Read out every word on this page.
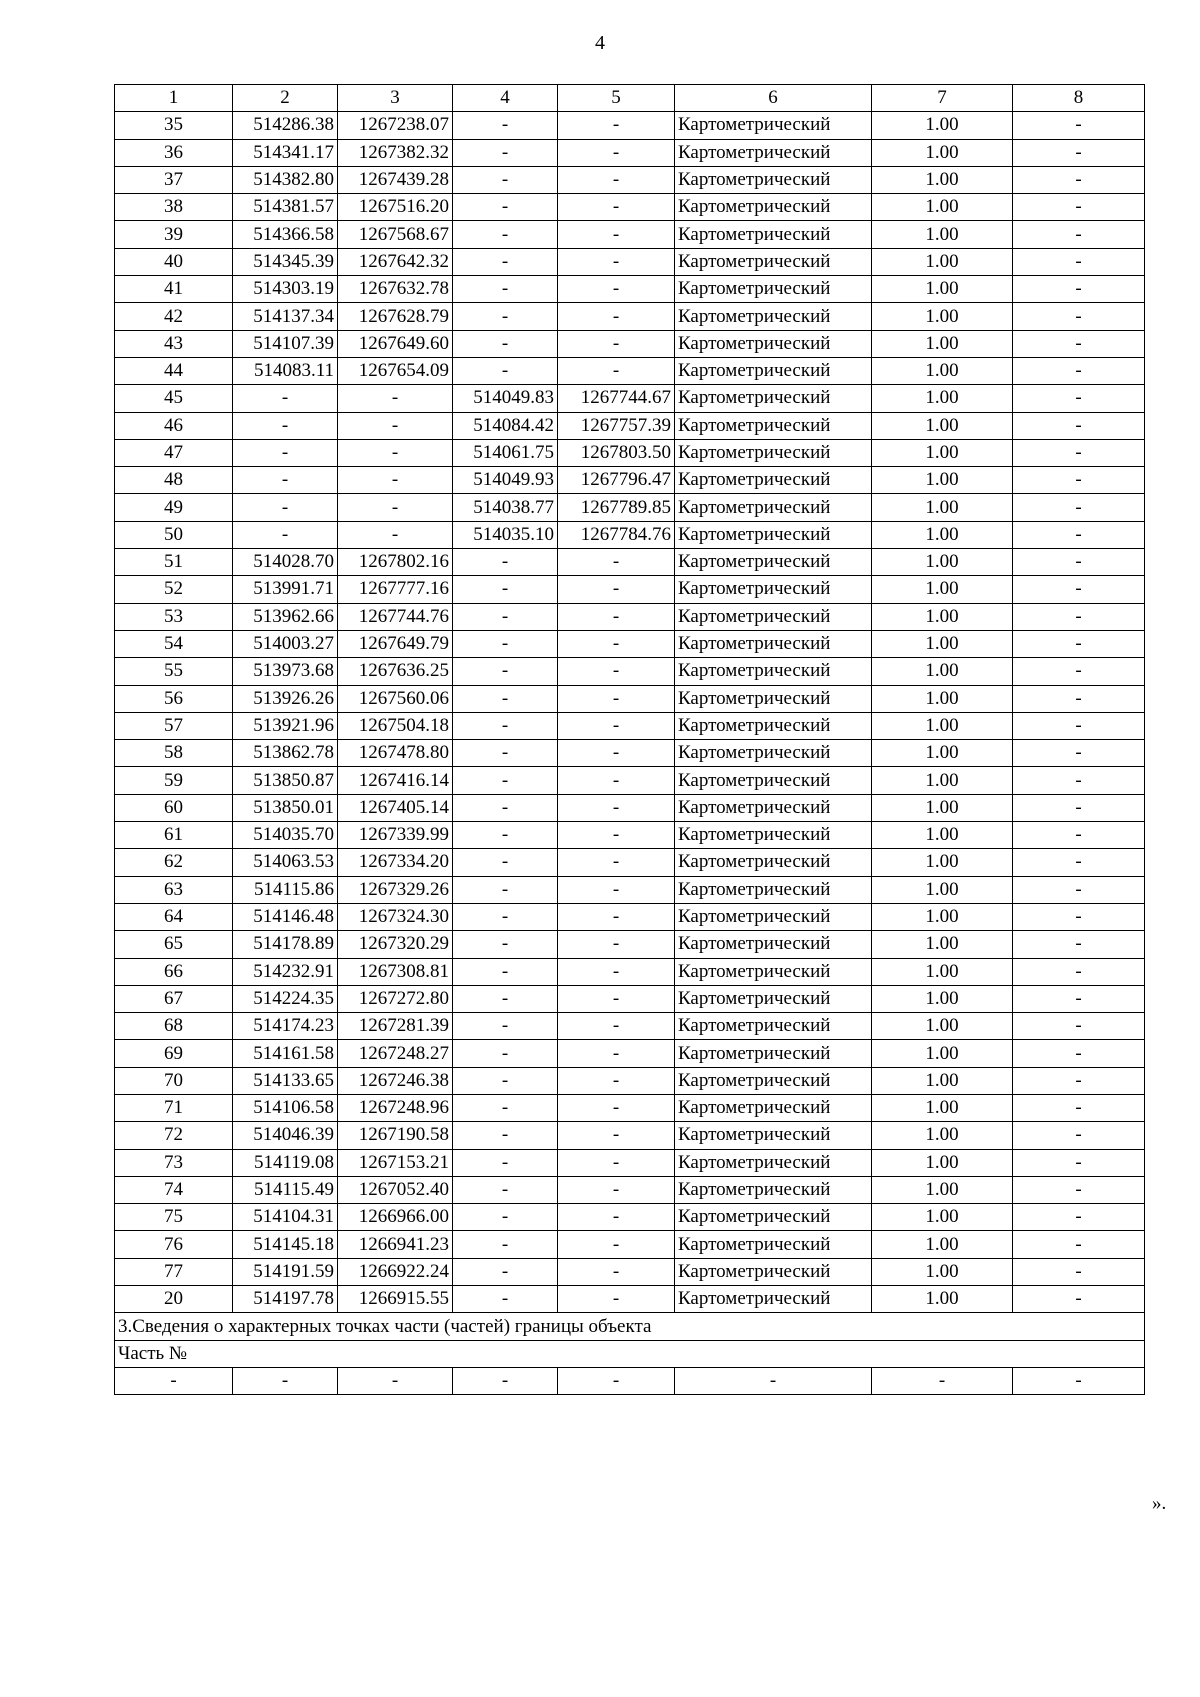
4
1	2	3	4	5	6	7	8
35	514286.38	1267238.07	-	-	Картометрический	1.00	-
36	514341.17	1267382.32	-	-	Картометрический	1.00	-
37	514382.80	1267439.28	-	-	Картометрический	1.00	-
38	514381.57	1267516.20	-	-	Картометрический	1.00	-
39	514366.58	1267568.67	-	-	Картометрический	1.00	-
40	514345.39	1267642.32	-	-	Картометрический	1.00	-
41	514303.19	1267632.78	-	-	Картометрический	1.00	-
42	514137.34	1267628.79	-	-	Картометрический	1.00	-
43	514107.39	1267649.60	-	-	Картометрический	1.00	-
44	514083.11	1267654.09	-	-	Картометрический	1.00	-
45	-	-	514049.83	1267744.67	Картометрический	1.00	-
46	-	-	514084.42	1267757.39	Картометрический	1.00	-
47	-	-	514061.75	1267803.50	Картометрический	1.00	-
48	-	-	514049.93	1267796.47	Картометрический	1.00	-
49	-	-	514038.77	1267789.85	Картометрический	1.00	-
50	-	-	514035.10	1267784.76	Картометрический	1.00	-
51	514028.70	1267802.16	-	-	Картометрический	1.00	-
52	513991.71	1267777.16	-	-	Картометрический	1.00	-
53	513962.66	1267744.76	-	-	Картометрический	1.00	-
54	514003.27	1267649.79	-	-	Картометрический	1.00	-
55	513973.68	1267636.25	-	-	Картометрический	1.00	-
56	513926.26	1267560.06	-	-	Картометрический	1.00	-
57	513921.96	1267504.18	-	-	Картометрический	1.00	-
58	513862.78	1267478.80	-	-	Картометрический	1.00	-
59	513850.87	1267416.14	-	-	Картометрический	1.00	-
60	513850.01	1267405.14	-	-	Картометрический	1.00	-
61	514035.70	1267339.99	-	-	Картометрический	1.00	-
62	514063.53	1267334.20	-	-	Картометрический	1.00	-
63	514115.86	1267329.26	-	-	Картометрический	1.00	-
64	514146.48	1267324.30	-	-	Картометрический	1.00	-
65	514178.89	1267320.29	-	-	Картометрический	1.00	-
66	514232.91	1267308.81	-	-	Картометрический	1.00	-
67	514224.35	1267272.80	-	-	Картометрический	1.00	-
68	514174.23	1267281.39	-	-	Картометрический	1.00	-
69	514161.58	1267248.27	-	-	Картометрический	1.00	-
70	514133.65	1267246.38	-	-	Картометрический	1.00	-
71	514106.58	1267248.96	-	-	Картометрический	1.00	-
72	514046.39	1267190.58	-	-	Картометрический	1.00	-
73	514119.08	1267153.21	-	-	Картометрический	1.00	-
74	514115.49	1267052.40	-	-	Картометрический	1.00	-
75	514104.31	1266966.00	-	-	Картометрический	1.00	-
76	514145.18	1266941.23	-	-	Картометрический	1.00	-
77	514191.59	1266922.24	-	-	Картометрический	1.00	-
20	514197.78	1266915.55	-	-	Картометрический	1.00	-
3.Сведения о характерных точках части (частей) границы объекта							
Часть №							
-	-	-	-	-	-	-	-
».
